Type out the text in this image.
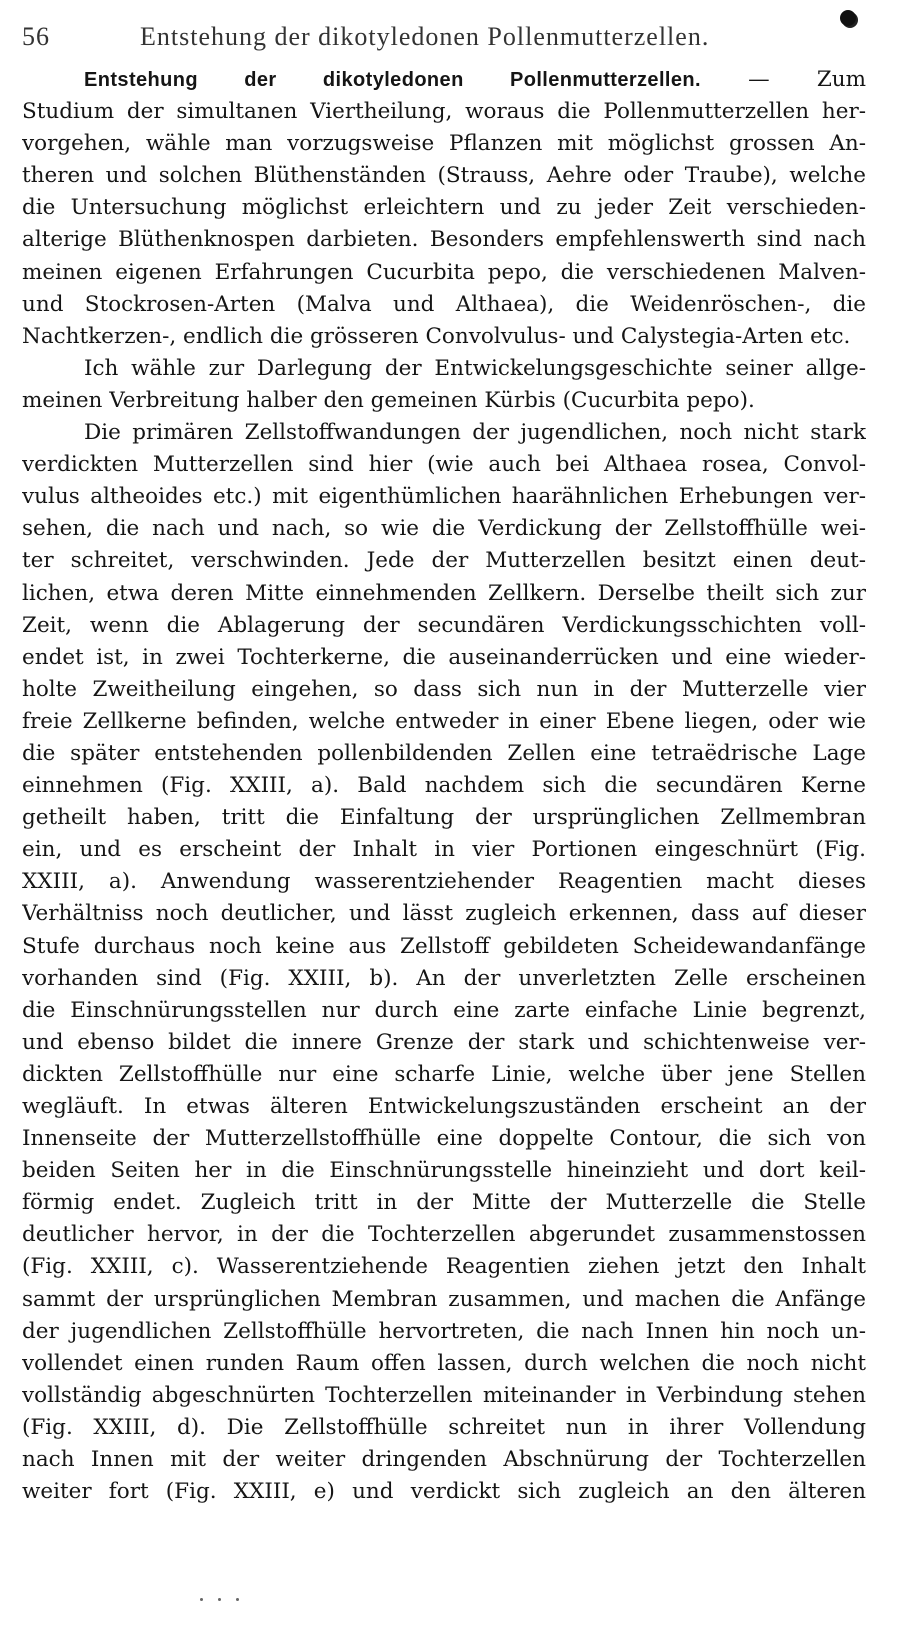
56	Entstehung der dikotyledonen Pollenmutterzellen.
Entstehung der dikotyledonen Pollenmutterzellen. — Zum
Studium der simultanen Viertheilung, woraus die Pollenmutterzellen her-
vorgehen, wähle man vorzugsweise Pflanzen mit möglichst grossen An-
theren und solchen Blüthenständen (Strauss, Aehre oder Traube), welche
die Untersuchung möglichst erleichtern und zu jeder Zeit verschieden-
alterige Blüthenknospen darbieten. Besonders empfehlenswerth sind nach
meinen eigenen Erfahrungen Cucurbita pepo, die verschiedenen Malven-
und Stockrosen-Arten (Malva und Althaea), die Weidenröschen-, die
Nachtkerzen-, endlich die grösseren Convolvulus- und Calystegia-Arten etc.
Ich wähle zur Darlegung der Entwickelungsgeschichte seiner allge-
meinen Verbreitung halber den gemeinen Kürbis (Cucurbita pepo).
Die primären Zellstoffwandungen der jugendlichen, noch nicht stark
verdickten Mutterzellen sind hier (wie auch bei Althaea rosea, Convol-
vulus altheoides etc.) mit eigenthümlichen haarähnlichen Erhebungen ver-
sehen, die nach und nach, so wie die Verdickung der Zellstoffhülle wei-
ter schreitet, verschwinden. Jede der Mutterzellen besitzt einen deut-
lichen, etwa deren Mitte einnehmenden Zellkern. Derselbe theilt sich zur
Zeit, wenn die Ablagerung der secundären Verdickungsschichten voll-
endet ist, in zwei Tochterkerne, die auseinanderrücken und eine wieder-
holte Zweitheilung eingehen, so dass sich nun in der Mutterzelle vier
freie Zellkerne befinden, welche entweder in einer Ebene liegen, oder wie
die später entstehenden pollenbildenden Zellen eine tetraëdrische Lage
einnehmen (Fig. XXIII, a). Bald nachdem sich die secundären Kerne
getheilt haben, tritt die Einfaltung der ursprünglichen Zellmembran
ein, und es erscheint der Inhalt in vier Portionen eingeschnürt (Fig.
XXIII, a). Anwendung wasserentziehender Reagentien macht dieses
Verhältniss noch deutlicher, und lässt zugleich erkennen, dass auf dieser
Stufe durchaus noch keine aus Zellstoff gebildeten Scheidewandanfänge
vorhanden sind (Fig. XXIII, b). An der unverletzten Zelle erscheinen
die Einschnürungsstellen nur durch eine zarte einfache Linie begrenzt,
und ebenso bildet die innere Grenze der stark und schichtenweise ver-
dickten Zellstoffhülle nur eine scharfe Linie, welche über jene Stellen
wegläuft. In etwas älteren Entwickelungszuständen erscheint an der
Innenseite der Mutterzellstoffhülle eine doppelte Contour, die sich von
beiden Seiten her in die Einschnürungsstelle hineinzieht und dort keil-
förmig endet. Zugleich tritt in der Mitte der Mutterzelle die Stelle
deutlicher hervor, in der die Tochterzellen abgerundet zusammenstossen
(Fig. XXIII, c). Wasserentziehende Reagentien ziehen jetzt den Inhalt
sammt der ursprünglichen Membran zusammen, und machen die Anfänge
der jugendlichen Zellstoffhülle hervortreten, die nach Innen hin noch un-
vollendet einen runden Raum offen lassen, durch welchen die noch nicht
vollständig abgeschnürten Tochterzellen miteinander in Verbindung stehen
(Fig. XXIII, d). Die Zellstoffhülle schreitet nun in ihrer Vollendung
nach Innen mit der weiter dringenden Abschnürung der Tochterzellen
weiter fort (Fig. XXIII, e) und verdickt sich zugleich an den älteren
